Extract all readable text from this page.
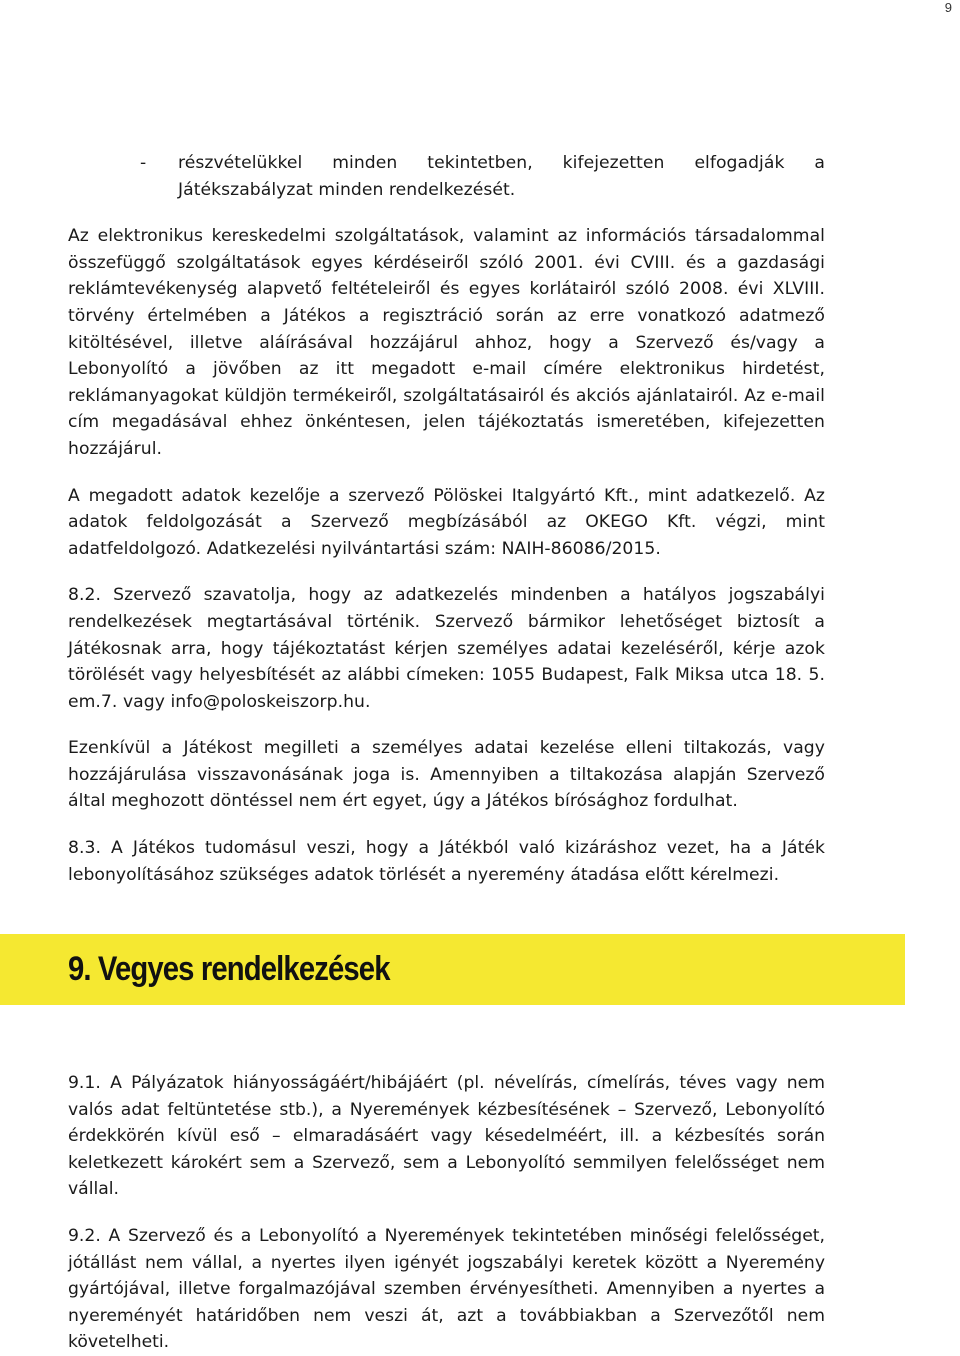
9

- részvételükkel minden tekintetben, kifejezetten elfogadják a Játékszabályzat minden rendelkezését.

Az elektronikus kereskedelmi szolgáltatások, valamint az információs társadalommal összefüggő szolgáltatások egyes kérdéseiről szóló 2001. évi CVIII. és a gazdasági reklámtevékenység alapvető feltételeiről és egyes korlátairól szóló 2008. évi XLVIII. törvény értelmében a Játékos a regisztráció során az erre vonatkozó adatmező kitöltésével, illetve aláírásával hozzájárul ahhoz, hogy a Szervező és/vagy a Lebonyolító a jövőben az itt megadott e-mail címére elektronikus hirdetést, reklámanyagokat küldjön termékeiről, szolgáltatásairól és akciós ajánlatairól. Az e-mail cím megadásával ehhez önkéntesen, jelen tájékoztatás ismeretében, kifejezetten hozzájárul.

A megadott adatok kezelője a szervező Pölöskei Italgyártó Kft., mint adatkezelő. Az adatok feldolgozását a Szervező megbízásából az OKEGO Kft. végzi, mint adatfeldolgozó. Adatkezelési nyilvántartási szám: NAIH-86086/2015.

8.2. Szervező szavatolja, hogy az adatkezelés mindenben a hatályos jogszabályi rendelkezések megtartásával történik. Szervező bármikor lehetőséget biztosít a Játékosnak arra, hogy tájékoztatást kérjen személyes adatai kezeléséről, kérje azok törölését vagy helyesbítését az alábbi címeken: 1055 Budapest, Falk Miksa utca 18. 5. em.7. vagy info@poloskeiszorp.hu.

Ezenkívül a Játékost megilleti a személyes adatai kezelése elleni tiltakozás, vagy hozzájárulása visszavonásának joga is. Amennyiben a tiltakozása alapján Szervező által meghozott döntéssel nem ért egyet, úgy a Játékos bírósághoz fordulhat.

8.3. A Játékos tudomásul veszi, hogy a Játékból való kizáráshoz vezet, ha a Játék lebonyolításához szükséges adatok törlését a nyeremény átadása előtt kérelmezi.

9. Vegyes rendelkezések

9.1. A Pályázatok hiányosságáért/hibájáért (pl. névelírás, címelírás, téves vagy nem valós adat feltüntetése stb.), a Nyeremények kézbesítésének – Szervező, Lebonyolító érdekkörén kívül eső – elmaradásáért vagy késedelméért, ill. a kézbesítés során keletkezett károkért sem a Szervező, sem a Lebonyolító semmilyen felelősséget nem vállal.

9.2. A Szervező és a Lebonyolító a Nyeremények tekintetében minőségi felelősséget, jótállást nem vállal, a nyertes ilyen igényét jogszabályi keretek között a Nyeremény gyártójával, illetve forgalmazójával szemben érvényesítheti. Amennyiben a nyertes a nyereményét határidőben nem veszi át, azt a továbbiakban a Szervezőtől nem követelheti.
